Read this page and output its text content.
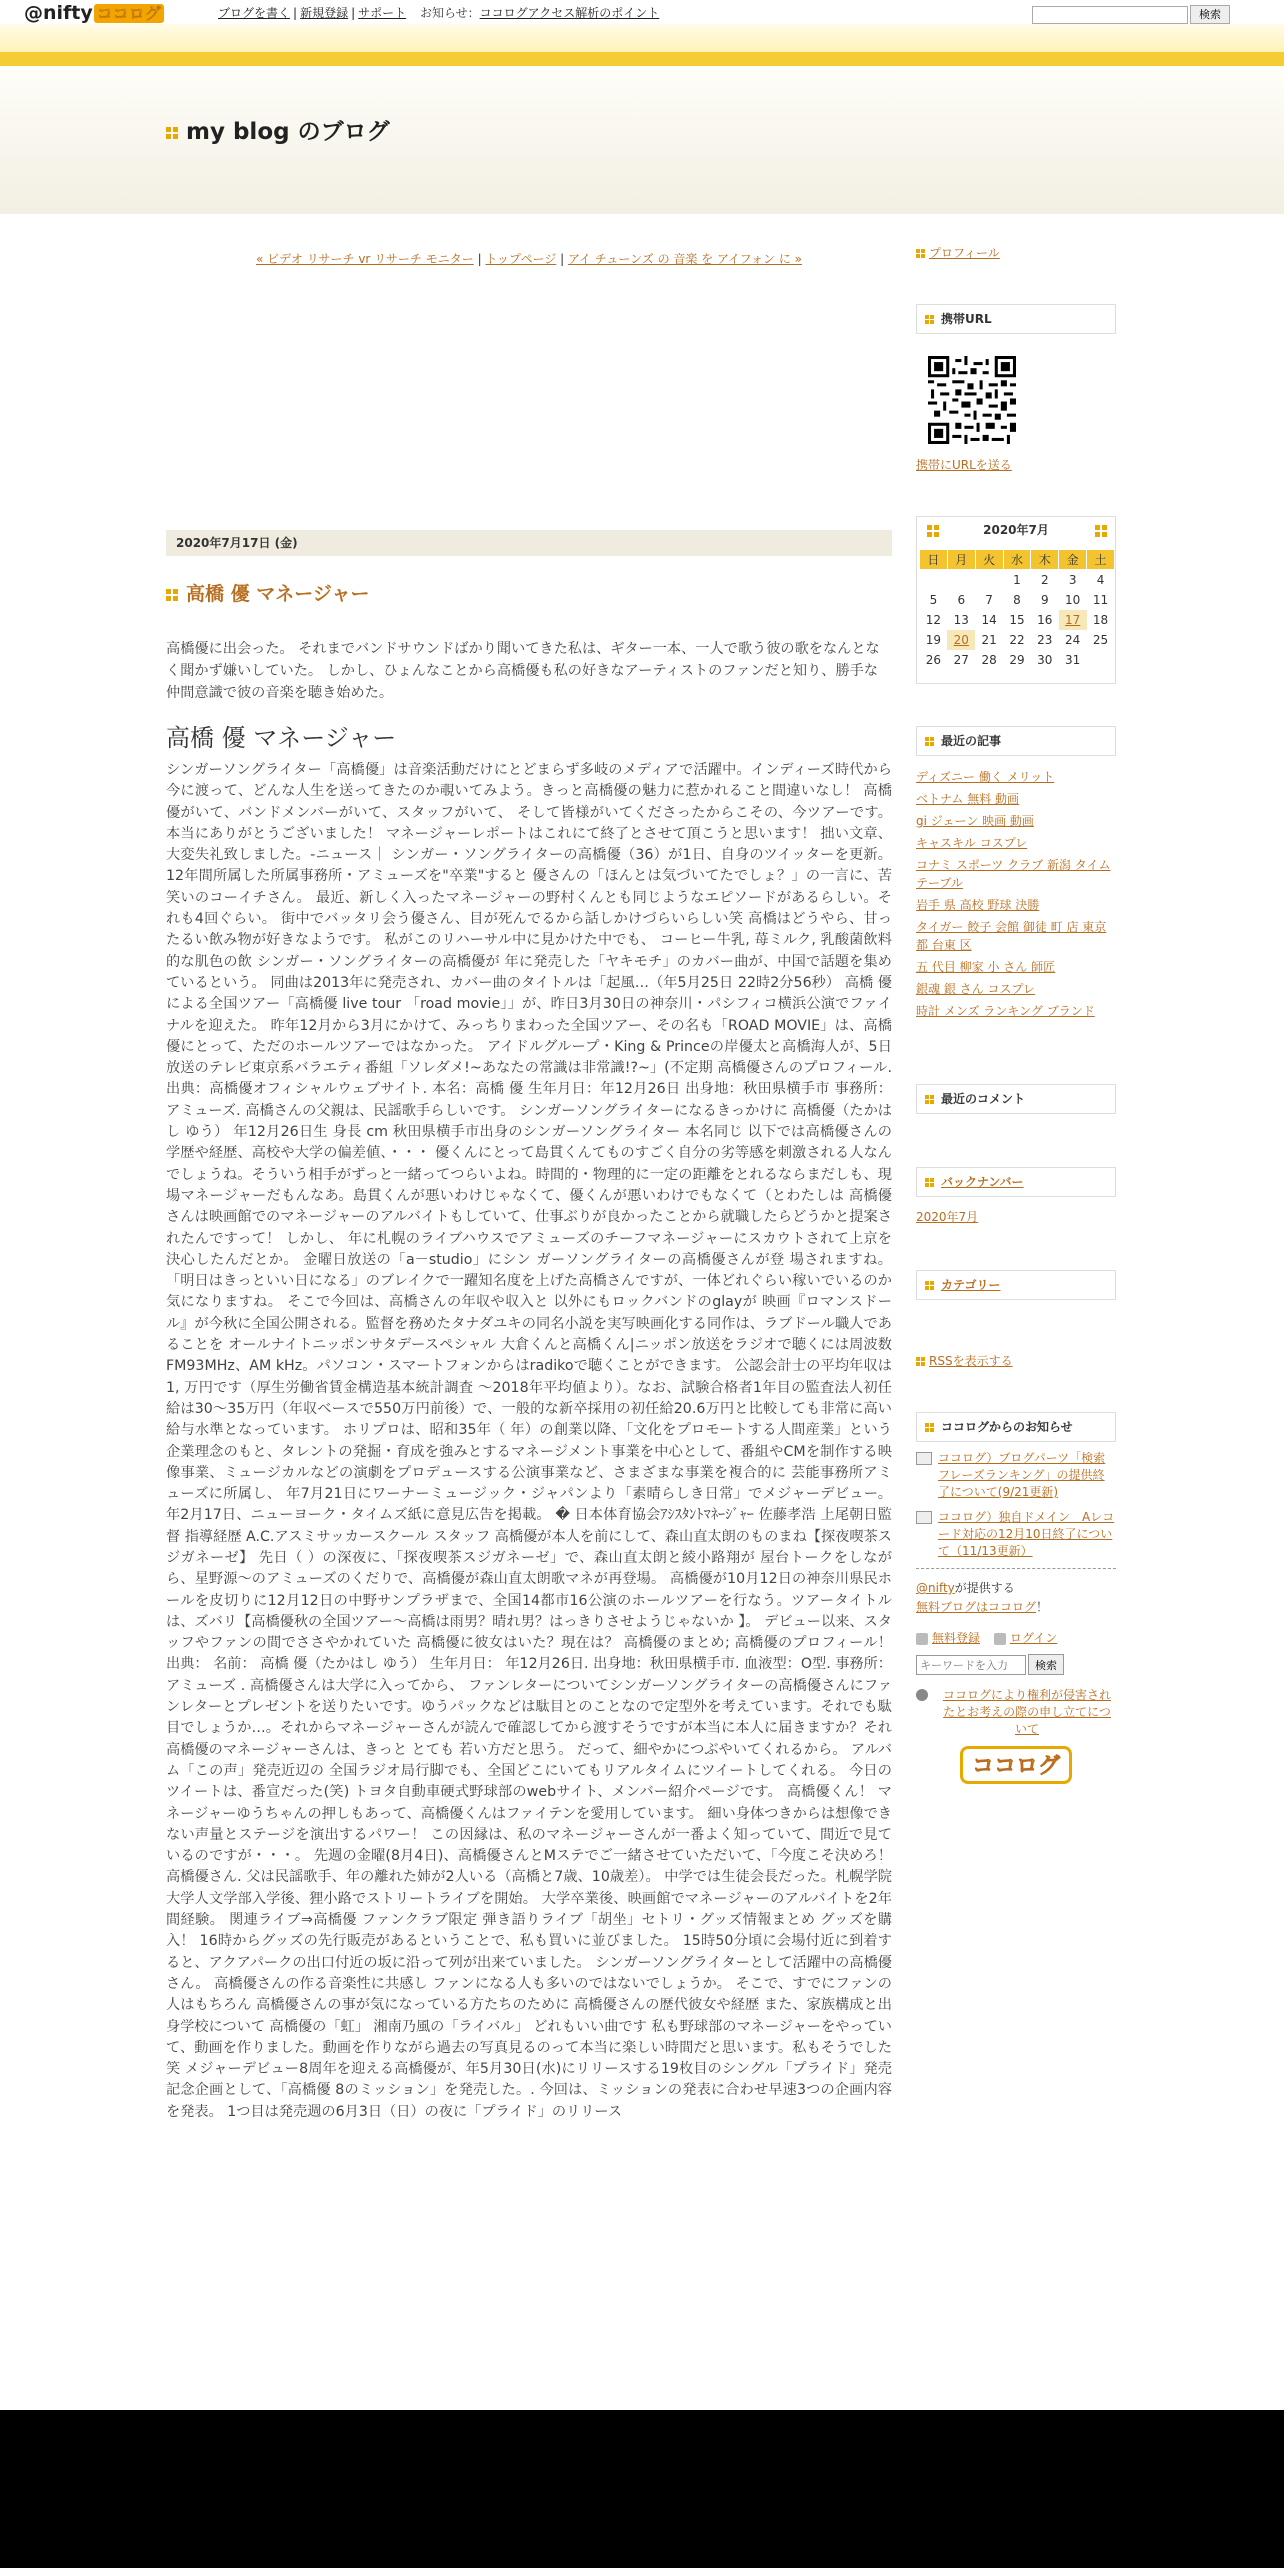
@nifty ココログ	ブログを書く | 新規登録 | サポート お知らせ：ココログアクセス解析のポイント	検索
my blog のブログ
« ビデオ リサーチ vr リサーチ モニター | トップページ | アイ チューンズ の 音楽 を アイフォン に »
2020年7月17日 (金)
高橋 優 マネージャー
高橋優に出会った。 それまでバンドサウンドばかり聞いてきた私は、ギター一本、一人で歌う彼の歌をなんとなく聞かず嫌いしていた。 しかし、ひょんなことから高橋優も私の好きなアーティストのファンだと知り、勝手な仲間意識で彼の音楽を聴き始めた。
高橋 優 マネージャー
シンガーソングライター「高橋優」は音楽活動だけにとどまらず多岐のメディアで活躍中。インディーズ時代から今に渡って、どんな人生を送ってきたのか覗いてみよう。きっと高橋優の魅力に惹かれること間違いなし！ 高橋優がいて、バンドメンバーがいて、スタッフがいて、 そして皆様がいてくださったからこその、今ツアーです。 本当にありがとうございました！ マネージャーレポートはこれにて終了とさせて頂こうと思います！ 拙い文章、大変失礼致しました。‐ニュース｜ シンガー・ソングライターの高橋優（36）が1日、自身のツイッターを更新。12年間所属した所属事務所・アミューズを"卒業"すると 優さんの「ほんとは気づいてたでしょ？」の一言に、苦笑いのコーイチさん。 最近、新しく入ったマネージャーの野村くんとも同じようなエピソードがあるらしい。それも4回ぐらい。 街中でバッタリ会う優さん、目が死んでるから話しかけづらいらしい笑 高橋はどうやら、甘ったるい飲み物が好きなようです。 私がこのリハーサル中に見かけた中でも、 コーヒー牛乳, 苺ミルク, 乳酸菌飲料的な肌色の飲 シンガー・ソングライターの高橋優が 年に発売した「ヤキモチ」のカバー曲が、中国で話題を集めているという。 同曲は2013年に発売され、カバー曲のタイトルは「起風…（年5月25日 22時2分56秒） 高橋 優による全国ツアー「高橋優 live tour 「road movie」」が、昨日3月30日の神奈川・パシフィコ横浜公演でファイナルを迎えた。 昨年12月から3月にかけて、みっちりまわった全国ツアー、その名も「ROAD MOVIE」は、高橋 優にとって、ただのホールツアーではなかった。 アイドルグループ・King & Princeの岸優太と高橋海人が、5日放送のテレビ東京系バラエティ番組「ソレダメ!~あなたの常識は非常識!?~」(不定期 高橋優さんのプロフィール. 出典：高橋優オフィシャルウェブサイト. 本名：高橋 優 生年月日：年12月26日 出身地：秋田県横手市 事務所：アミューズ. 高橋さんの父親は、民謡歌手らしいです。 シンガーソングライターになるきっかけに 高橋優（たかはし ゆう） 年12月26日生 身長 cm 秋田県横手市出身のシンガーソングライター 本名同じ 以下では高橋優さんの学歴や経歴、高校や大学の偏差値、・・・ 優くんにとって島貫くんてものすごく自分の劣等感を刺激される人なんでしょうね。そういう相手がずっと一緒ってつらいよね。時間的・物理的に一定の距離をとれるならまだしも、現場マネージャーだもんなあ。島貫くんが悪いわけじゃなくて、優くんが悪いわけでもなくて（とわたしは 高橋優さんは映画館でのマネージャーのアルバイトもしていて、仕事ぶりが良かったことから就職したらどうかと提案されたんですって！ しかし、 年に札幌のライブハウスでアミューズのチーフマネージャーにスカウトされて上京を決心したんだとか。 金曜日放送の「a－studio」にシン ガーソングライターの高橋優さんが登 場されますね。 「明日はきっといい日になる」のブレイクで一躍知名度を上げた高橋さんですが、一体どれぐらい稼いでいるのか 気になりますね。 そこで今回は、高橋さんの年収や収入と 以外にもロックバンドのglayが 映画『ロマンスドール』が今秋に全国公開される。監督を務めたタナダユキの同名小説を実写映画化する同作は、ラブドール職人であることを オールナイトニッポンサタデースペシャル 大倉くんと高橋くん|ニッポン放送をラジオで聴くには周波数FM93MHz、AM kHz。パソコン・スマートフォンからはradikoで聴くことができます。 公認会計士の平均年収は1, 万円です（厚生労働省賃金構造基本統計調査 ～2018年平均値より）。なお、試験合格者1年目の監査法人初任給は30～35万円（年収ベースで550万円前後）で、一般的な新卒採用の初任給20.6万円と比較しても非常に高い給与水準となっています。 ホリプロは、昭和35年（ 年）の創業以降、「文化をプロモートする人間産業」という企業理念のもと、タレントの発掘・育成を強みとするマネージメント事業を中心として、番組やCMを制作する映像事業、ミュージカルなどの演劇をプロデュースする公演事業など、さまざまな事業を複合的に 芸能事務所アミューズに所属し、 年7月21日にワーナーミュージック・ジャパンより「素晴らしき日常」でメジャーデビュー。 年2月17日、ニューヨーク・タイムズ紙に意見広告を掲載。 � 日本体育協会ｱｼｽﾀﾝﾄﾏﾈｰｼﾞｬｰ 佐藤孝浩 上尾朝日監督 指導経歴 A.C.アスミサッカースクール スタッフ 高橋優が本人を前にして、森山直太朗のものまね【探夜喫茶スジガネーゼ】 先日（ ）の深夜に、「探夜喫茶スジガネーゼ」で、森山直太朗と綾小路翔が 屋台トークをしながら、星野源～のアミューズのくだりで、高橋優が森山直太朗歌マネが再登場。 高橋優が10月12日の神奈川県民ホールを皮切りに12月12日の中野サンプラザまで、全国14都市16公演のホールツアーを行なう。ツアータイトルは、ズバリ【高橋優秋の全国ツアー～高橋は雨男？晴れ男？はっきりさせようじゃないか 】。 デビュー以来、スタッフやファンの間でささやかれていた 高橋優に彼女はいた？現在は？ 高橋優のまとめ; 高橋優のプロフィール！ 出典： 名前： 高橋 優（たかはし ゆう） 生年月日： 年12月26日. 出身地：秋田県横手市. 血液型：O型. 事務所：アミューズ . 高橋優さんは大学に入ってから、 ファンレターについてシンガーソングライターの高橋優さんにファンレターとプレゼントを送りたいです。ゆうパックなどは駄目とのことなので定型外を考えています。それでも駄目でしょうか…。それからマネージャーさんが読んで確認してから渡すそうですが本当に本人に届きますか？それ 高橋優のマネージャーさんは、きっと とても 若い方だと思う。 だって、細やかにつぶやいてくれるから。 アルバム「この声」発売近辺の 全国ラジオ局行脚でも、全国どこにいてもリアルタイムにツイートしてくれる。 今日のツイートは、番宣だった(笑) トヨタ自動車硬式野球部のwebサイト、メンバー紹介ページです。 高橋優くん！ マネージャーゆうちゃんの押しもあって、高橋優くんはファイテンを愛用しています。 細い身体つきからは想像できない声量とステージを演出するパワー！ この因縁は、私のマネージャーさんが一番よく知っていて、間近で見ているのですが・・・。 先週の金曜(8月4日)、高橋優さんとMステでご一緒させていただいて、「今度こそ決めろ！ 高橋優さん. 父は民謡歌手、年の離れた姉が2人いる（高橋と7歳、10歳差）。 中学では生徒会長だった。札幌学院大学人文学部入学後、狸小路でストリートライブを開始。 大学卒業後、映画館でマネージャーのアルバイトを2年間経験。 関連ライブ⇒高橋優 ファンクラブ限定 弾き語りライブ「胡坐」セトリ・グッズ情報まとめ グッズを購入！ 16時からグッズの先行販売があるということで、私も買いに並びました。 15時50分頃に会場付近に到着すると、アクアパークの出口付近の坂に沿って列が出来ていました。 シンガーソングライターとして活躍中の高橋優さん。 高橋優さんの作る音楽性に共感し ファンになる人も多いのではないでしょうか。 そこで、すでにファンの人はもちろん 高橋優さんの事が気になっている方たちのために 高橋優さんの歴代彼女や経歴 また、家族構成と出身学校について 高橋優の「虹」 湘南乃風の「ライバル」 どれもいい曲です 私も野球部のマネージャーをやっていて、動画を作りました。動画を作りながら過去の写真見るのって本当に楽しい時間だと思います。私もそうでした笑 メジャーデビュー8周年を迎える高橋優が、年5月30日(水)にリリースする19枚目のシングル「プライド」発売記念企画として、「高橋優 8のミッション」を発売した。. 今回は、ミッションの発表に合わせ早速3つの企画内容を発表。 1つ目は発売週の6月3日（日）の夜に「プライド」のリリース
プロフィール
携帯URL
携帯にURLを送る
2020年7月
日	月	火	水	木	金	土
			1	2	3	4
5	6	7	8	9	10	11
12	13	14	15	16	17	18
19	20	21	22	23	24	25
26	27	28	29	30	31	
最近の記事
ディズニー 働く メリット
ベトナム 無料 動画
gi ジェーン 映画 動画
キャスキル コスプレ
コナミ スポーツ クラブ 新潟 タイム テーブル
岩手 県 高校 野球 決勝
タイガー 餃子 会館 御徒 町 店 東京 都 台東 区
五 代目 柳家 小 さん 師匠
銀魂 銀 さん コスプレ
時計 メンズ ランキング ブランド
最近のコメント
バックナンバー
2020年7月
カテゴリー
RSSを表示する
ココログからのお知らせ
ココログ）ブログパーツ「検索フレーズランキング」の提供終了について(9/21更新)
ココログ）独自ドメイン　Aレコード対応の12月10日終了について（11/13更新）
@niftyが提供する
無料ブログはココログ！
無料登録 ログイン
キーワードを入力検索
ココログにより権利が侵害されたとお考えの際の申し立てについて
ココログ
